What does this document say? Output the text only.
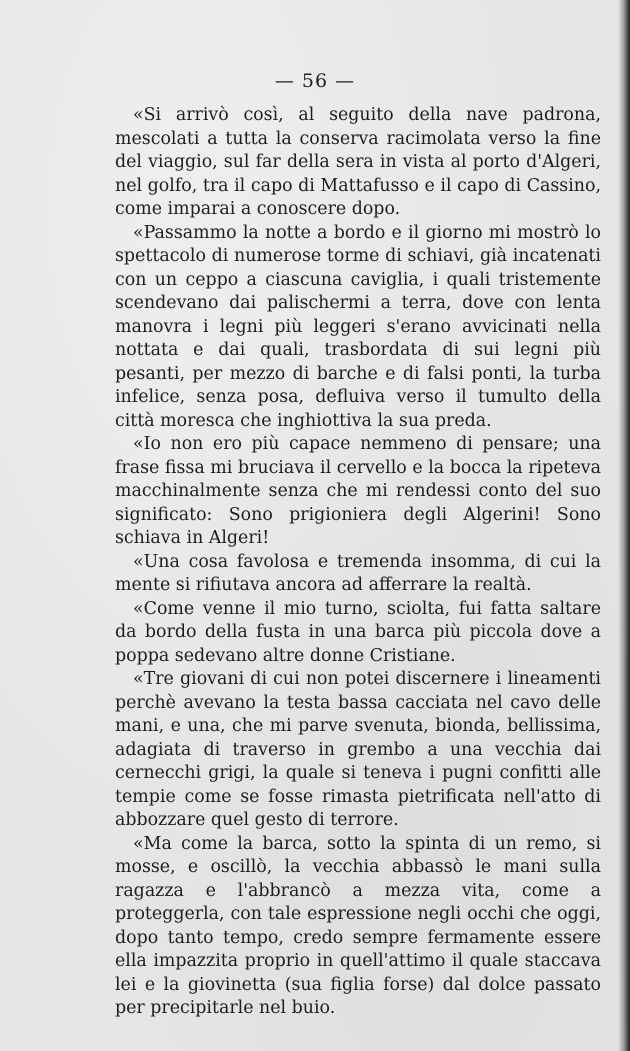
— 56 —

«Si arrivò così, al seguito della nave padrona, mescolati a tutta la conserva racimolata verso la fine del viaggio, sul far della sera in vista al porto d'Algeri, nel golfo, tra il capo di Mattafusso e il capo di Cassino, come imparai a conoscere dopo.

«Passammo la notte a bordo e il giorno mi mostrò lo spettacolo di numerose torme di schiavi, già incatenati con un ceppo a ciascuna caviglia, i quali tristemente scendevano dai palischermi a terra, dove con lenta manovra i legni più leggeri s'erano avvicinati nella nottata e dai quali, trasbordata di sui legni più pesanti, per mezzo di barche e di falsi ponti, la turba infelice, senza posa, defluiva verso il tumulto della città moresca che inghiottiva la sua preda.

«Io non ero più capace nemmeno di pensare; una frase fissa mi bruciava il cervello e la bocca la ripeteva macchinalmente senza che mi rendessi conto del suo significato: Sono prigioniera degli Algerini! Sono schiava in Algeri!

«Una cosa favolosa e tremenda insomma, di cui la mente si rifiutava ancora ad afferrare la realtà.

«Come venne il mio turno, sciolta, fui fatta saltare da bordo della fusta in una barca più piccola dove a poppa sedevano altre donne Cristiane.

«Tre giovani di cui non potei discernere i lineamenti perchè avevano la testa bassa cacciata nel cavo delle mani, e una, che mi parve svenuta, bionda, bellissima, adagiata di traverso in grembo a una vecchia dai cernecchi grigi, la quale si teneva i pugni confitti alle tempie come se fosse rimasta pietrificata nell'atto di abbozzare quel gesto di terrore.

«Ma come la barca, sotto la spinta di un remo, si mosse, e oscillò, la vecchia abbassò le mani sulla ragazza e l'abbrancò a mezza vita, come a proteggerla, con tale espressione negli occhi che oggi, dopo tanto tempo, credo sempre fermamente essere ella impazzita proprio in quell'attimo il quale staccava lei e la giovinetta (sua figlia forse) dal dolce passato per precipitarle nel buio.
